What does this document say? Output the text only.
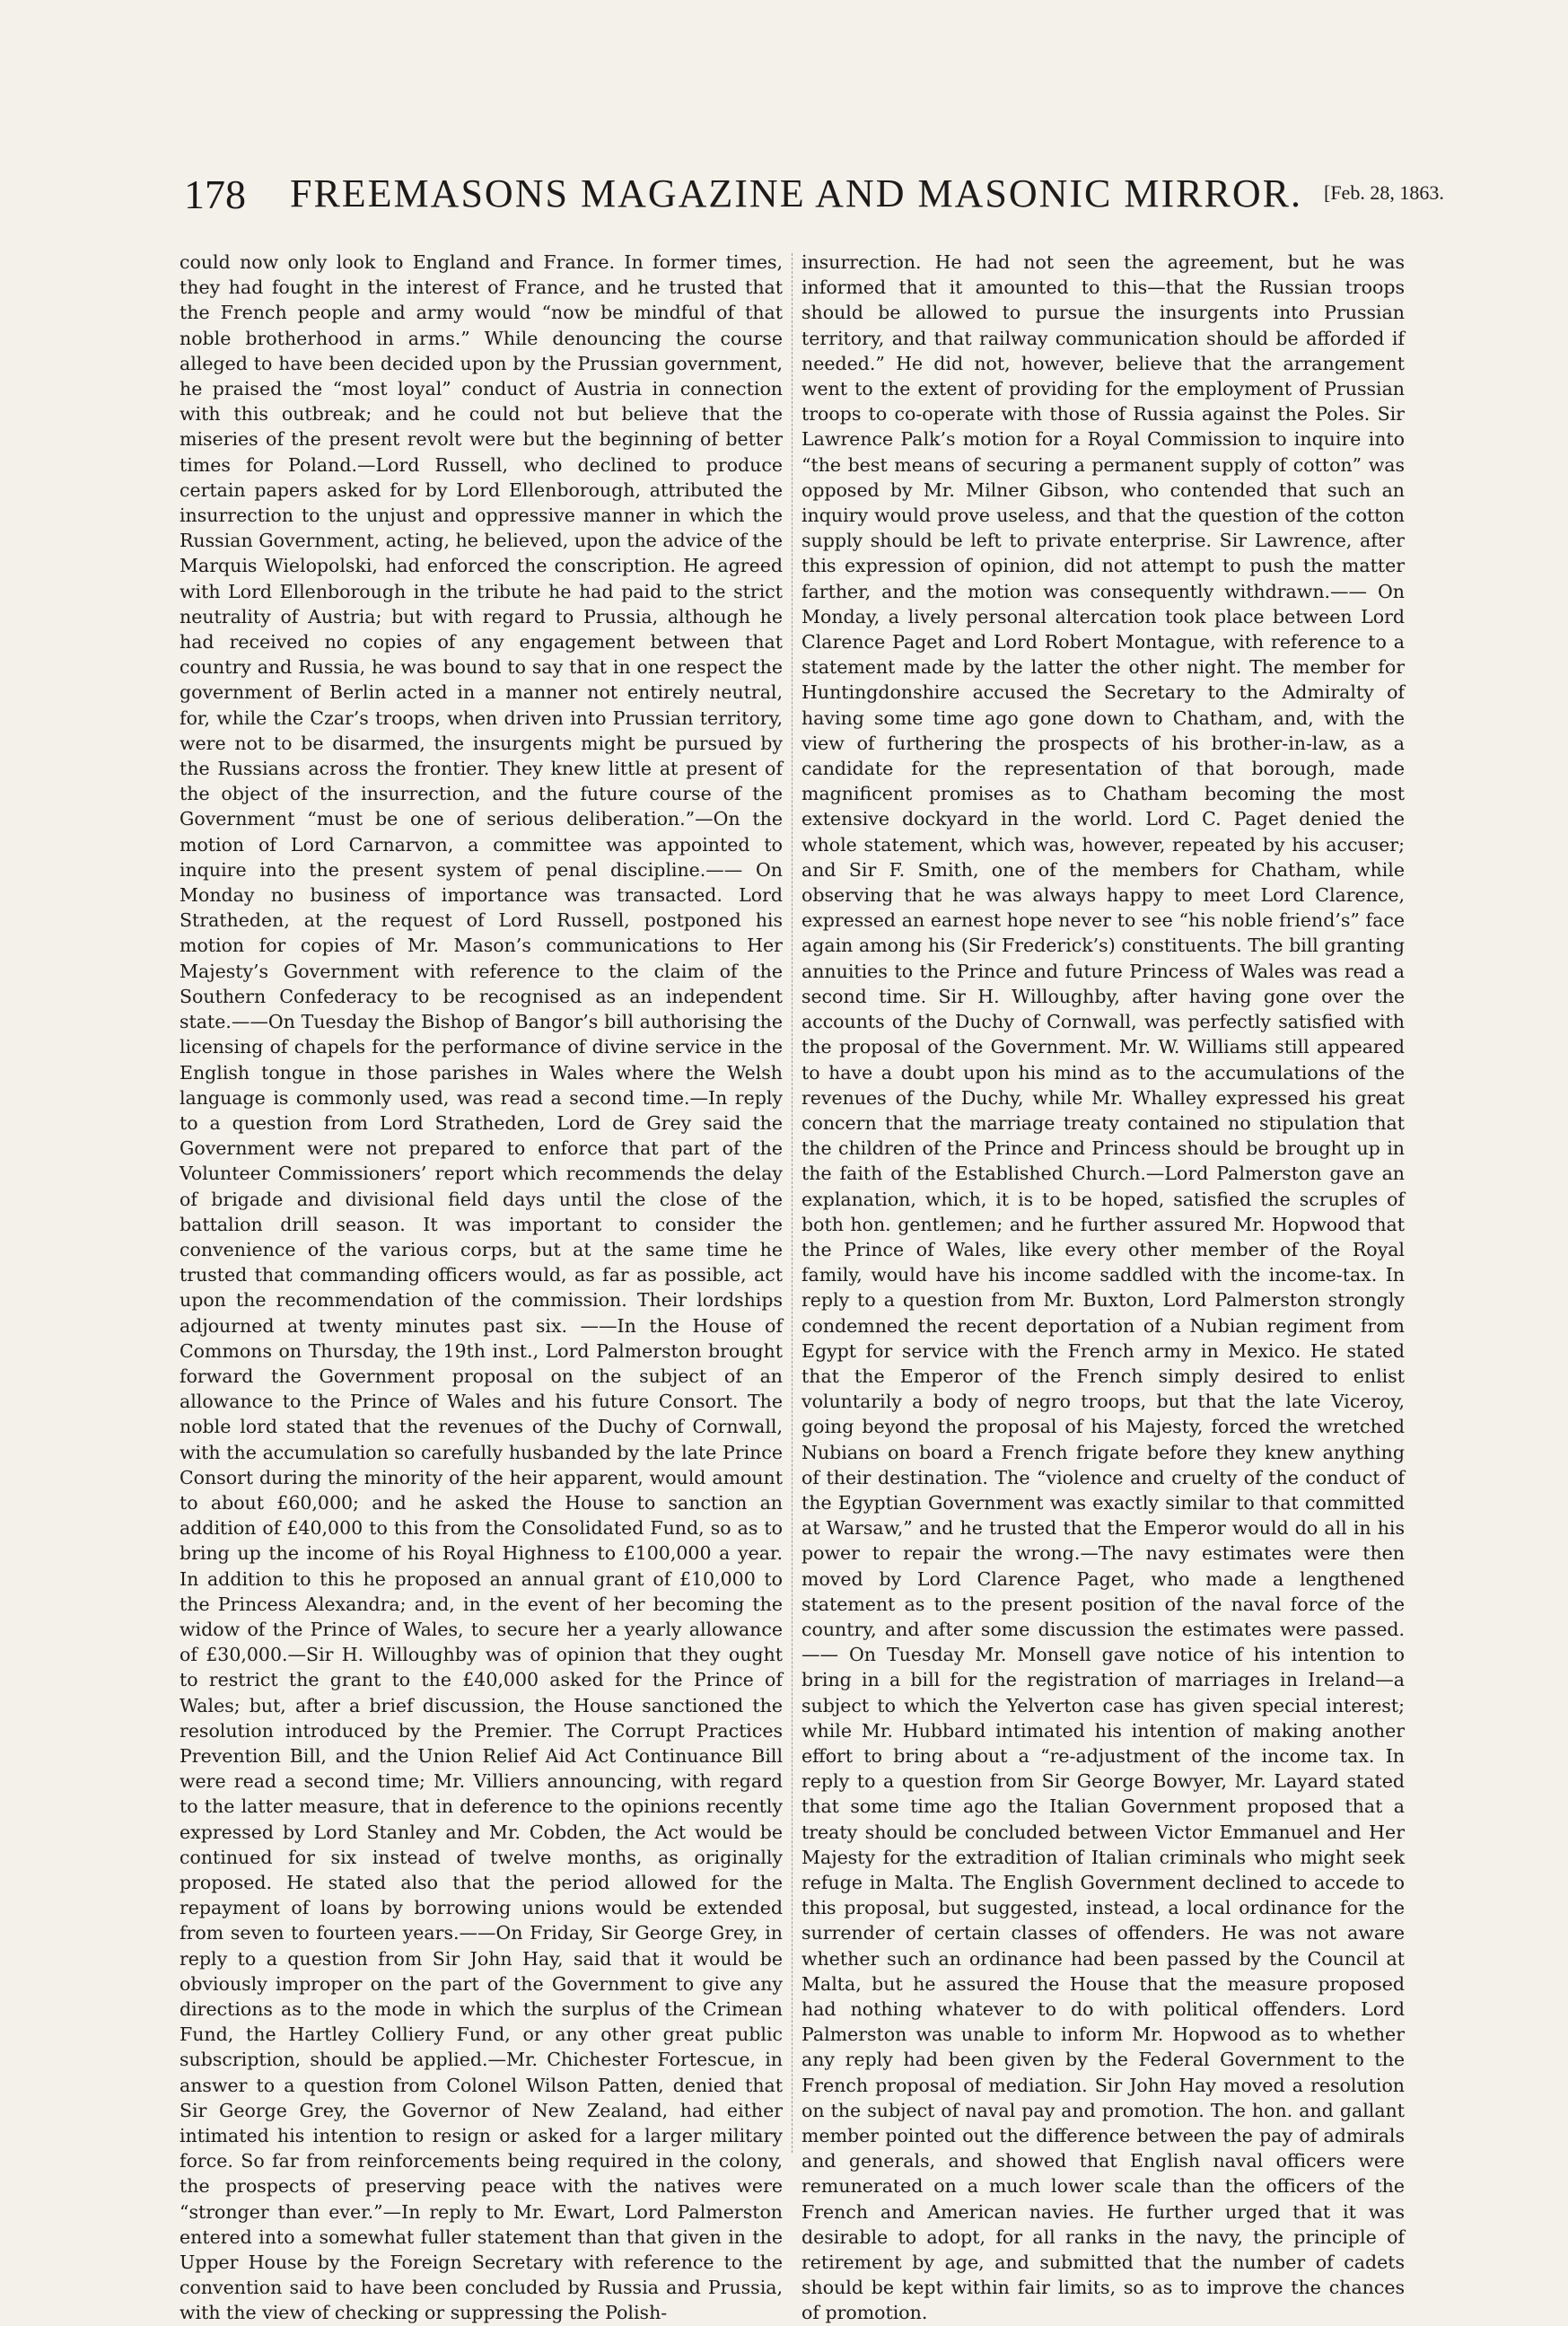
178 FREEMASONS MAGAZINE AND MASONIC MIRROR.	[Feb. 28, 1863.

could now only look to England and France. In former times, they had fought in the interest of France, and he trusted that the French people and army would “now be mindful of that noble brotherhood in arms.” While denouncing the course alleged to have been decided upon by the Prussian government, he praised the “most loyal” conduct of Austria in connection with this outbreak; and he could not but believe that the miseries of the present revolt were but the beginning of better times for Poland.—Lord Russell, who declined to produce certain papers asked for by Lord Ellenborough, attributed the insurrection to the unjust and oppressive manner in which the Russian Government, acting, he believed, upon the advice of the Marquis Wielopolski, had enforced the conscription. He agreed with Lord Ellenborough in the tribute he had paid to the strict neutrality of Austria; but with regard to Prussia, although he had received no copies of any engagement between that country and Russia, he was bound to say that in one respect the government of Berlin acted in a manner not entirely neutral, for, while the Czar’s troops, when driven into Prussian territory, were not to be disarmed, the insurgents might be pursued by the Russians across the frontier. They knew little at present of the object of the insurrection, and the future course of the Government “must be one of serious deliberation.”—On the motion of Lord Carnarvon, a committee was appointed to inquire into the present system of penal discipline.—— On Monday no business of importance was transacted. Lord Stratheden, at the request of Lord Russell, postponed his motion for copies of Mr. Mason’s communications to Her Majesty’s Government with reference to the claim of the Southern Confederacy to be recognised as an independent state.——On Tuesday the Bishop of Bangor’s bill authorising the licensing of chapels for the performance of divine service in the English tongue in those parishes in Wales where the Welsh language is commonly used, was read a second time.—In reply to a question from Lord Stratheden, Lord de Grey said the Government were not prepared to enforce that part of the Volunteer Commissioners’ report which recommends the delay of brigade and divisional field days until the close of the battalion drill season. It was important to consider the convenience of the various corps, but at the same time he trusted that commanding officers would, as far as possible, act upon the recommendation of the commission. Their lordships adjourned at twenty minutes past six. ——In the House of Commons on Thursday, the 19th inst., Lord Palmerston brought forward the Government proposal on the subject of an allowance to the Prince of Wales and his future Consort. The noble lord stated that the revenues of the Duchy of Cornwall, with the accumulation so carefully husbanded by the late Prince Consort during the minority of the heir apparent, would amount to about £60,000; and he asked the House to sanction an addition of £40,000 to this from the Consolidated Fund, so as to bring up the income of his Royal Highness to £100,000 a year. In addition to this he proposed an annual grant of £10,000 to the Princess Alexandra; and, in the event of her becoming the widow of the Prince of Wales, to secure her a yearly allowance of £30,000.—Sir H. Willoughby was of opinion that they ought to restrict the grant to the £40,000 asked for the Prince of Wales; but, after a brief discussion, the House sanctioned the resolution introduced by the Premier. The Corrupt Practices Prevention Bill, and the Union Relief Aid Act Continuance Bill were read a second time; Mr. Villiers announcing, with regard to the latter measure, that in deference to the opinions recently expressed by Lord Stanley and Mr. Cobden, the Act would be continued for six instead of twelve months, as originally proposed. He stated also that the period allowed for the repayment of loans by borrowing unions would be extended from seven to fourteen years.——On Friday, Sir George Grey, in reply to a question from Sir John Hay, said that it would be obviously improper on the part of the Government to give any directions as to the mode in which the surplus of the Crimean Fund, the Hartley Colliery Fund, or any other great public subscription, should be applied.—Mr. Chichester Fortescue, in answer to a question from Colonel Wilson Patten, denied that Sir George Grey, the Governor of New Zealand, had either intimated his intention to resign or asked for a larger military force. So far from reinforcements being required in the colony, the prospects of preserving peace with the natives were “stronger than ever.”—In reply to Mr. Ewart, Lord Palmerston entered into a somewhat fuller statement than that given in the Upper House by the Foreign Secretary with reference to the convention said to have been concluded by Russia and Prussia, with the view of checking or suppressing the Polish-

insurrection. He had not seen the agreement, but he was informed that it amounted to this—that the Russian troops should be allowed to pursue the insurgents into Prussian territory, and that railway communication should be afforded if needed.” He did not, however, believe that the arrangement went to the extent of providing for the employment of Prussian troops to co-operate with those of Russia against the Poles. Sir Lawrence Palk’s motion for a Royal Commission to inquire into “the best means of securing a permanent supply of cotton” was opposed by Mr. Milner Gibson, who contended that such an inquiry would prove useless, and that the question of the cotton supply should be left to private enterprise. Sir Lawrence, after this expression of opinion, did not attempt to push the matter farther, and the motion was consequently withdrawn.—— On Monday, a lively personal altercation took place between Lord Clarence Paget and Lord Robert Montague, with reference to a statement made by the latter the other night. The member for Huntingdonshire accused the Secretary to the Admiralty of having some time ago gone down to Chatham, and, with the view of furthering the prospects of his brother-in-law, as a candidate for the representation of that borough, made magnificent promises as to Chatham becoming the most extensive dockyard in the world. Lord C. Paget denied the whole statement, which was, however, repeated by his accuser; and Sir F. Smith, one of the members for Chatham, while observing that he was always happy to meet Lord Clarence, expressed an earnest hope never to see “his noble friend’s” face again among his (Sir Frederick’s) constituents. The bill granting annuities to the Prince and future Princess of Wales was read a second time. Sir H. Willoughby, after having gone over the accounts of the Duchy of Cornwall, was perfectly satisfied with the proposal of the Government. Mr. W. Williams still appeared to have a doubt upon his mind as to the accumulations of the revenues of the Duchy, while Mr. Whalley expressed his great concern that the marriage treaty contained no stipulation that the children of the Prince and Princess should be brought up in the faith of the Established Church.—Lord Palmerston gave an explanation, which, it is to be hoped, satisfied the scruples of both hon. gentlemen; and he further assured Mr. Hopwood that the Prince of Wales, like every other member of the Royal family, would have his income saddled with the income-tax. In reply to a question from Mr. Buxton, Lord Palmerston strongly condemned the recent deportation of a Nubian regiment from Egypt for service with the French army in Mexico. He stated that the Emperor of the French simply desired to enlist voluntarily a body of negro troops, but that the late Viceroy, going beyond the proposal of his Majesty, forced the wretched Nubians on board a French frigate before they knew anything of their destination. The “violence and cruelty of the conduct of the Egyptian Government was exactly similar to that committed at Warsaw,” and he trusted that the Emperor would do all in his power to repair the wrong.—The navy estimates were then moved by Lord Clarence Paget, who made a lengthened statement as to the present position of the naval force of the country, and after some discussion the estimates were passed.—— On Tuesday Mr. Monsell gave notice of his intention to bring in a bill for the registration of marriages in Ireland—a subject to which the Yelverton case has given special interest; while Mr. Hubbard intimated his intention of making another effort to bring about a “re-adjustment of the income tax. In reply to a question from Sir George Bowyer, Mr. Layard stated that some time ago the Italian Government proposed that a treaty should be concluded between Victor Emmanuel and Her Majesty for the extradition of Italian criminals who might seek refuge in Malta. The English Government declined to accede to this proposal, but suggested, instead, a local ordinance for the surrender of certain classes of offenders. He was not aware whether such an ordinance had been passed by the Council at Malta, but he assured the House that the measure proposed had nothing whatever to do with political offenders. Lord Palmerston was unable to inform Mr. Hopwood as to whether any reply had been given by the Federal Government to the French proposal of mediation. Sir John Hay moved a resolution on the subject of naval pay and promotion. The hon. and gallant member pointed out the difference between the pay of admirals and generals, and showed that English naval officers were remunerated on a much lower scale than the officers of the French and American navies. He further urged that it was desirable to adopt, for all ranks in the navy, the principle of retirement by age, and submitted that the number of cadets should be kept within fair limits, so as to improve the chances of promotion.
